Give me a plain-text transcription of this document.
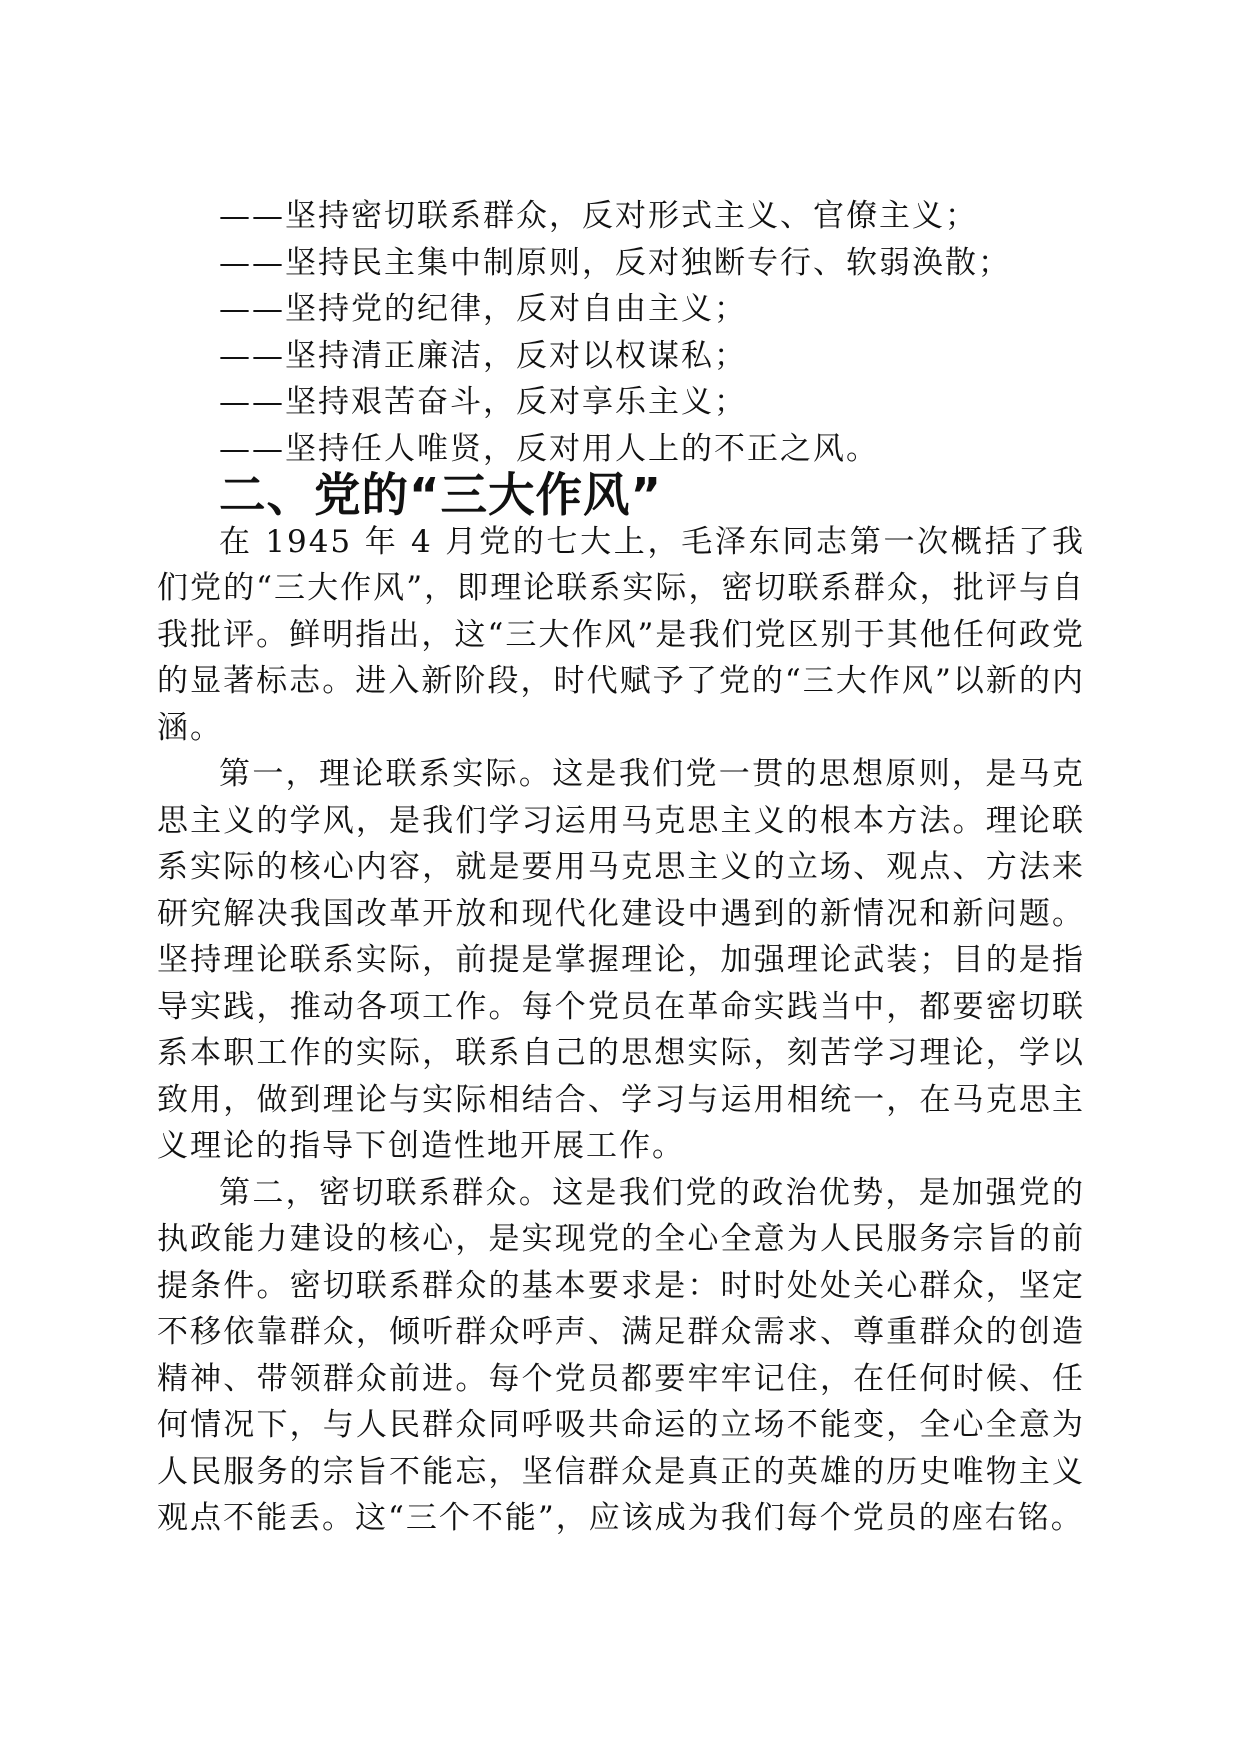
——坚持密切联系群众，反对形式主义、官僚主义；

——坚持民主集中制原则，反对独断专行、软弱涣散；

——坚持党的纪律，反对自由主义；

——坚持清正廉洁，反对以权谋私；

——坚持艰苦奋斗，反对享乐主义；

——坚持任人唯贤，反对用人上的不正之风。

二、党的“三大作风”

在 1945 年 4 月党的七大上，毛泽东同志第一次概括了我们党的“三大作风”，即理论联系实际，密切联系群众，批评与自我批评。鲜明指出，这“三大作风”是我们党区别于其他任何政党的显著标志。进入新阶段，时代赋予了党的“三大作风”以新的内涵。

第一，理论联系实际。这是我们党一贯的思想原则，是马克思主义的学风，是我们学习运用马克思主义的根本方法。理论联系实际的核心内容，就是要用马克思主义的立场、观点、方法来研究解决我国改革开放和现代化建设中遇到的新情况和新问题。坚持理论联系实际，前提是掌握理论，加强理论武装；目的是指导实践，推动各项工作。每个党员在革命实践当中，都要密切联系本职工作的实际，联系自己的思想实际，刻苦学习理论，学以致用，做到理论与实际相结合、学习与运用相统一，在马克思主义理论的指导下创造性地开展工作。

第二，密切联系群众。这是我们党的政治优势，是加强党的执政能力建设的核心，是实现党的全心全意为人民服务宗旨的前提条件。密切联系群众的基本要求是：时时处处关心群众，坚定不移依靠群众，倾听群众呼声、满足群众需求、尊重群众的创造精神、带领群众前进。每个党员都要牢牢记住，在任何时候、任何情况下，与人民群众同呼吸共命运的立场不能变，全心全意为人民服务的宗旨不能忘，坚信群众是真正的英雄的历史唯物主义观点不能丢。这“三个不能”，应该成为我们每个党员的座右铭。
